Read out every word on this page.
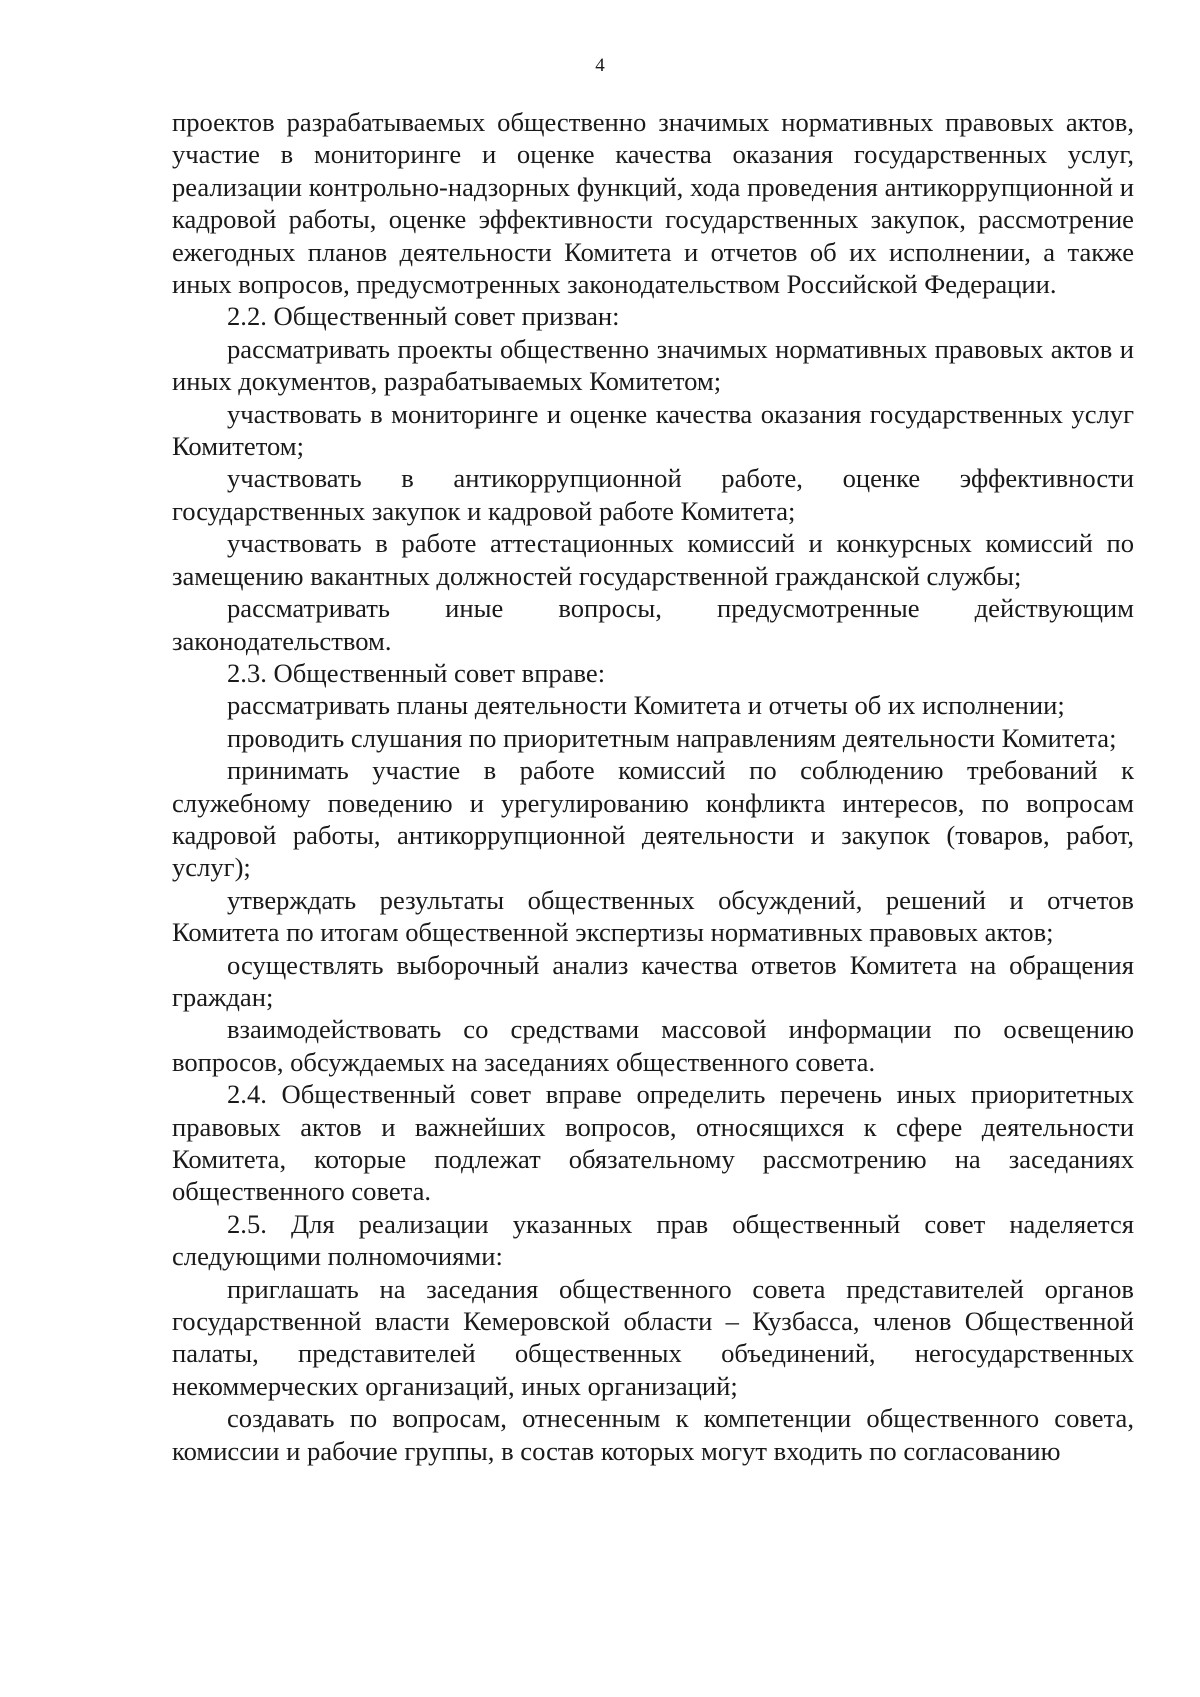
4

проектов разрабатываемых общественно значимых нормативных правовых актов, участие в мониторинге и оценке качества оказания государственных услуг, реализации контрольно-надзорных функций, хода проведения антикоррупционной и кадровой работы, оценке эффективности государственных закупок, рассмотрение ежегодных планов деятельности Комитета и отчетов об их исполнении, а также иных вопросов, предусмотренных законодательством Российской Федерации.

2.2. Общественный совет призван:

рассматривать проекты общественно значимых нормативных правовых актов и иных документов, разрабатываемых Комитетом;

участвовать в мониторинге и оценке качества оказания государственных услуг Комитетом;

участвовать в антикоррупционной работе, оценке эффективности государственных закупок и кадровой работе Комитета;

участвовать в работе аттестационных комиссий и конкурсных комиссий по замещению вакантных должностей государственной гражданской службы;

рассматривать иные вопросы, предусмотренные действующим законодательством.

2.3. Общественный совет вправе:

рассматривать планы деятельности Комитета и отчеты об их исполнении;

проводить слушания по приоритетным направлениям деятельности Комитета;

принимать участие в работе комиссий по соблюдению требований к служебному поведению и урегулированию конфликта интересов, по вопросам кадровой работы, антикоррупционной деятельности и закупок (товаров, работ, услуг);

утверждать результаты общественных обсуждений, решений и отчетов Комитета по итогам общественной экспертизы нормативных правовых актов;

осуществлять выборочный анализ качества ответов Комитета на обращения граждан;

взаимодействовать со средствами массовой информации по освещению вопросов, обсуждаемых на заседаниях общественного совета.

2.4. Общественный совет вправе определить перечень иных приоритетных правовых актов и важнейших вопросов, относящихся к сфере деятельности Комитета, которые подлежат обязательному рассмотрению на заседаниях общественного совета.

2.5. Для реализации указанных прав общественный совет наделяется следующими полномочиями:

приглашать на заседания общественного совета представителей органов государственной власти Кемеровской области – Кузбасса, членов Общественной палаты, представителей общественных объединений, негосударственных некоммерческих организаций, иных организаций;

создавать по вопросам, отнесенным к компетенции общественного совета, комиссии и рабочие группы, в состав которых могут входить по согласованию
